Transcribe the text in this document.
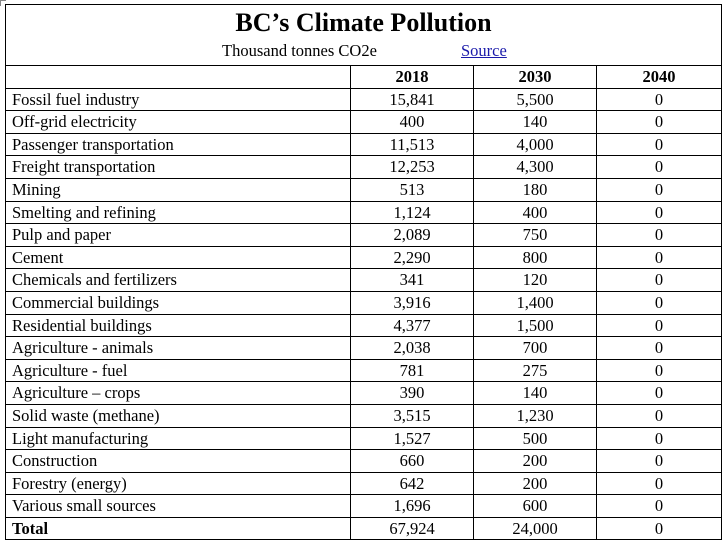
BC’s Climate Pollution
Thousand tonnes CO2e Source			

	2018	2030	2040
Fossil fuel industry	15,841	5,500	0
Off-grid electricity	400	140	0
Passenger transportation	11,513	4,000	0
Freight transportation	12,253	4,300	0
Mining	513	180	0
Smelting and refining	1,124	400	0
Pulp and paper	2,089	750	0
Cement	2,290	800	0
Chemicals and fertilizers	341	120	0
Commercial buildings	3,916	1,400	0
Residential buildings	4,377	1,500	0
Agriculture - animals	2,038	700	0
Agriculture - fuel	781	275	0
Agriculture – crops	390	140	0
Solid waste (methane)	3,515	1,230	0
Light manufacturing	1,527	500	0
Construction	660	200	0
Forestry (energy)	642	200	0
Various small sources	1,696	600	0
Total	67,924	24,000	0
